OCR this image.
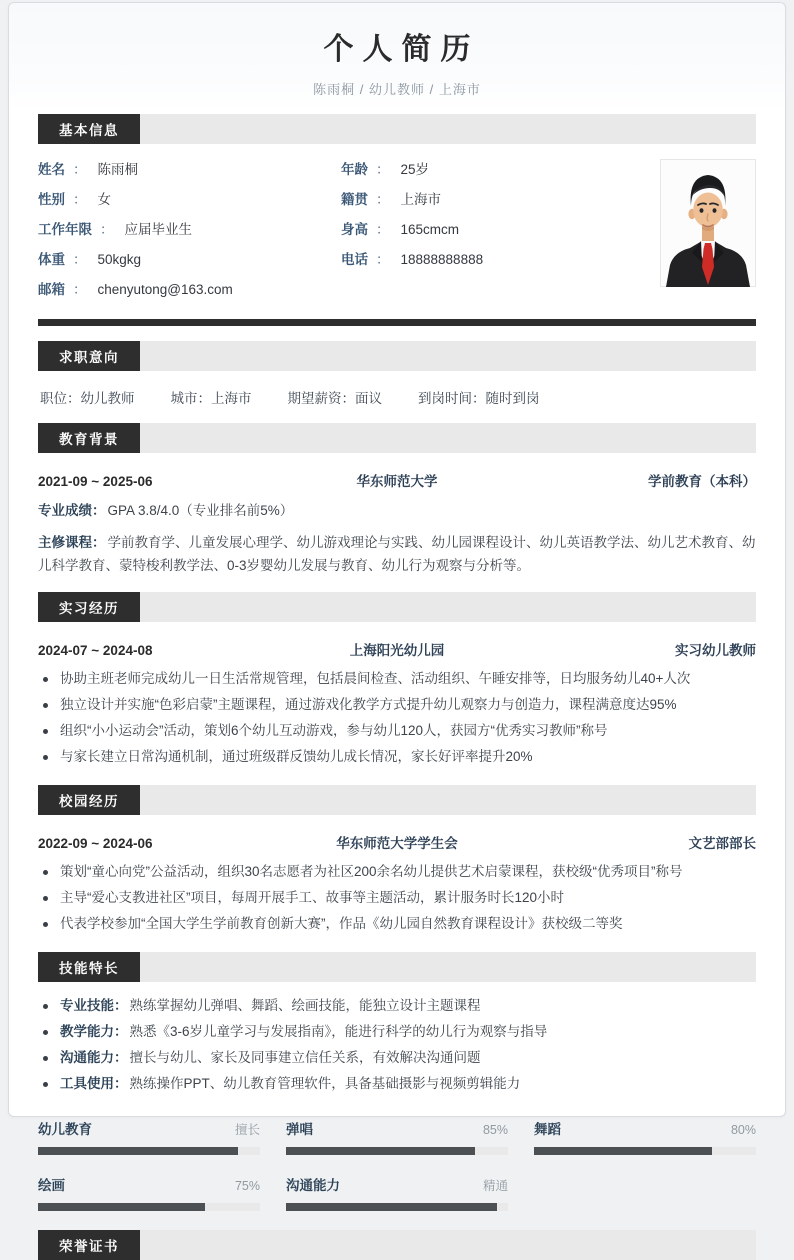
个人简历
陈雨桐 / 幼儿教师 / 上海市
基本信息
姓名 ： 陈雨桐
性别 ： 女
工作年限 ： 应届毕业生
体重 ： 50kgkg
邮箱 ： chenyutong@163.com
年龄 ： 25岁
籍贯 ： 上海市
身高 ： 165cmcm
电话 ： 18888888888
求职意向
职位：幼儿教师	城市：上海市	期望薪资：面议	到岗时间：随时到岗
教育背景
2021-09 ~ 2025-06	华东师范大学	学前教育（本科）
专业成绩： GPA 3.8/4.0（专业排名前5%）
主修课程： 学前教育学、儿童发展心理学、幼儿游戏理论与实践、幼儿园课程设计、幼儿英语教学法、幼儿艺术教育、幼儿科学教育、蒙特梭利教学法、0-3岁婴幼儿发展与教育、幼儿行为观察与分析等。
实习经历
2024-07 ~ 2024-08	上海阳光幼儿园	实习幼儿教师
协助主班老师完成幼儿一日生活常规管理，包括晨间检查、活动组织、午睡安排等，日均服务幼儿40+人次
独立设计并实施“色彩启蒙”主题课程，通过游戏化教学方式提升幼儿观察力与创造力，课程满意度达95%
组织“小小运动会”活动，策划6个幼儿互动游戏，参与幼儿120人，获园方“优秀实习教师”称号
与家长建立日常沟通机制，通过班级群反馈幼儿成长情况，家长好评率提升20%
校园经历
2022-09 ~ 2024-06	华东师范大学学生会	文艺部部长
策划“童心向党”公益活动，组织30名志愿者为社区200余名幼儿提供艺术启蒙课程，获校级“优秀项目”称号
主导“爱心支教进社区”项目，每周开展手工、故事等主题活动，累计服务时长120小时
代表学校参加“全国大学生学前教育创新大赛”，作品《幼儿园自然教育课程设计》获校级二等奖
技能特长
专业技能： 熟练掌握幼儿弹唱、舞蹈、绘画技能，能独立设计主题课程
教学能力： 熟悉《3-6岁儿童学习与发展指南》，能进行科学的幼儿行为观察与指导
沟通能力： 擅长与幼儿、家长及同事建立信任关系，有效解决沟通问题
工具使用： 熟练操作PPT、幼儿教育管理软件，具备基础摄影与视频剪辑能力
幼儿教育	擅长 弹唱	85% 舞蹈	80%
绘画	75% 沟通能力	精通
荣誉证书
